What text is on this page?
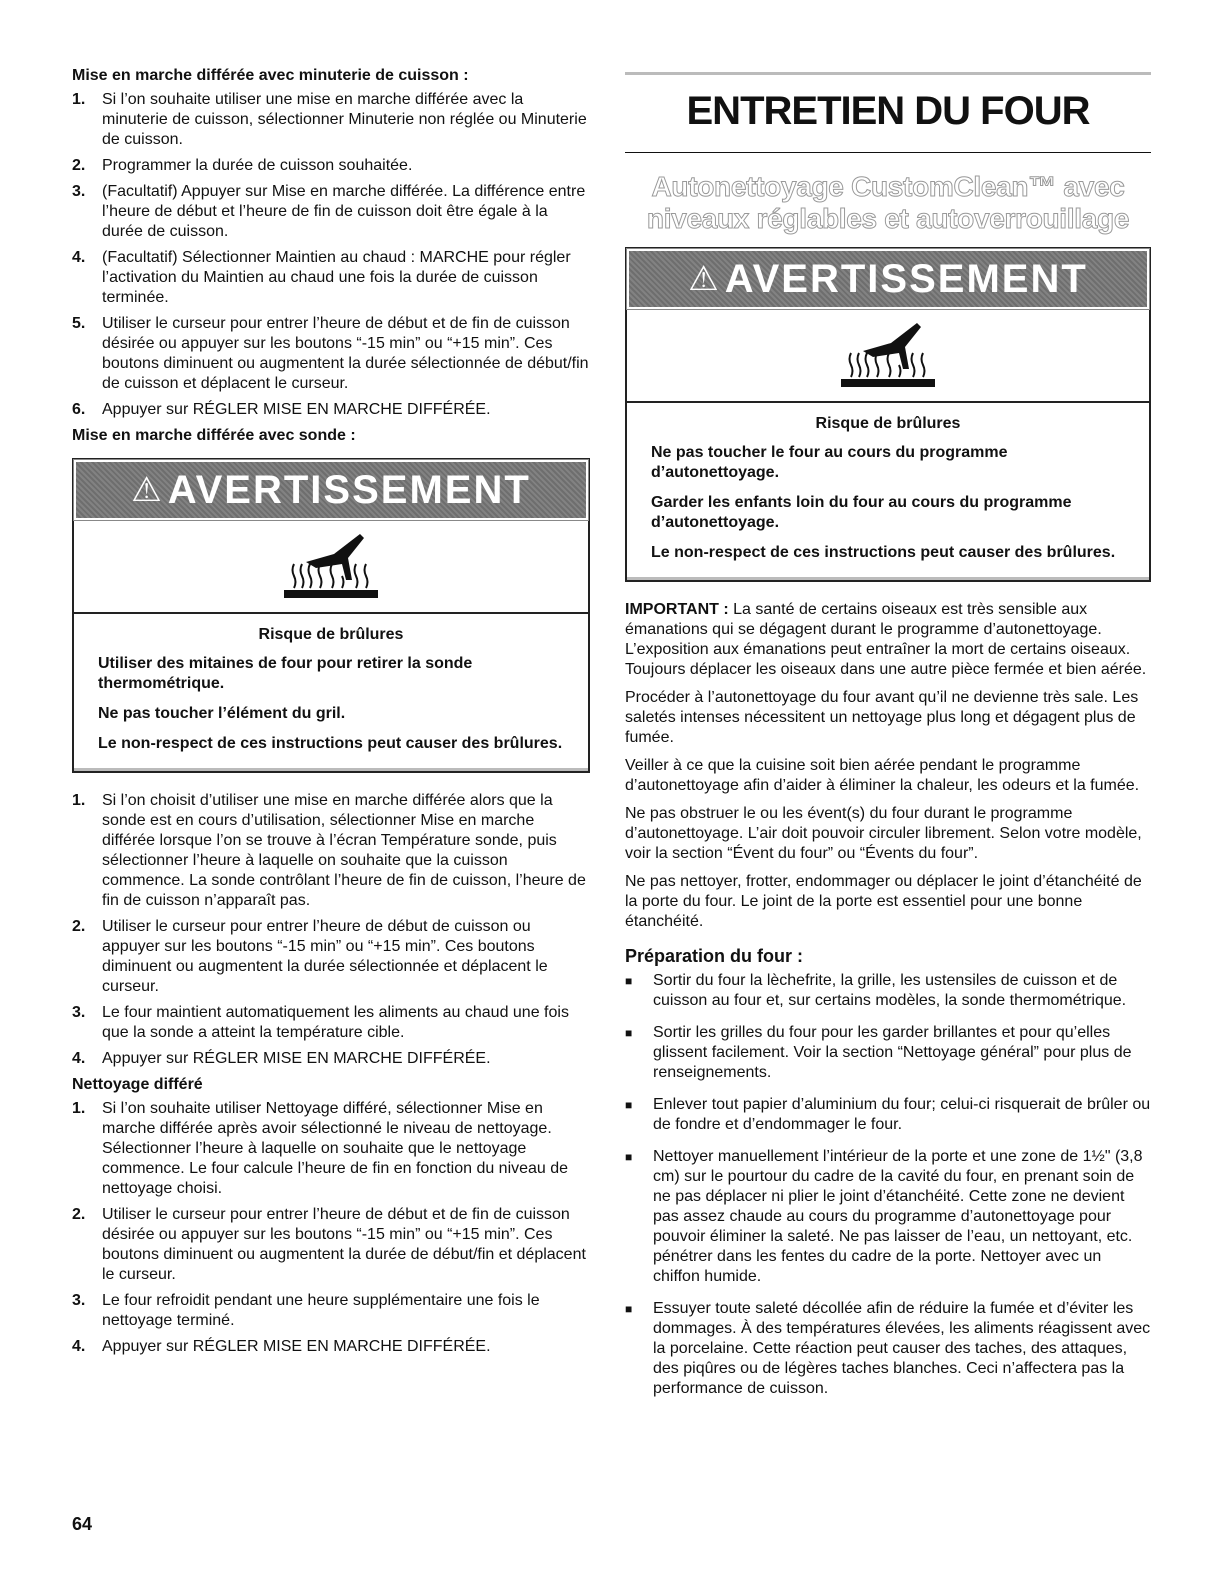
Mise en marche différée avec minuterie de cuisson :
1.	Si l’on souhaite utiliser une mise en marche différée avec la minuterie de cuisson, sélectionner Minuterie non réglée ou Minuterie de cuisson.
2.	Programmer la durée de cuisson souhaitée.
3.	(Facultatif) Appuyer sur Mise en marche différée. La différence entre l’heure de début et l’heure de fin de cuisson doit être égale à la durée de cuisson.
4.	(Facultatif) Sélectionner Maintien au chaud : MARCHE pour régler l’activation du Maintien au chaud une fois la durée de cuisson terminée.
5.	Utiliser le curseur pour entrer l’heure de début et de fin de cuisson désirée ou appuyer sur les boutons “-15 min” ou “+15 min”. Ces boutons diminuent ou augmentent la durée sélectionnée de début/fin de cuisson et déplacent le curseur.
6.	Appuyer sur RÉGLER MISE EN MARCHE DIFFÉRÉE.
Mise en marche différée avec sonde :
⚠ AVERTISSEMENT
Risque de brûlures

Utiliser des mitaines de four pour retirer la sonde thermométrique.

Ne pas toucher l’élément du gril.

Le non-respect de ces instructions peut causer des brûlures.

1.	Si l’on choisit d’utiliser une mise en marche différée alors que la sonde est en cours d’utilisation, sélectionner Mise en marche différée lorsque l’on se trouve à l’écran Température sonde, puis sélectionner l’heure à laquelle on souhaite que la cuisson commence. La sonde contrôlant l’heure de fin de cuisson, l’heure de fin de cuisson n’apparaît pas.
2.	Utiliser le curseur pour entrer l’heure de début de cuisson ou appuyer sur les boutons “-15 min” ou “+15 min”. Ces boutons diminuent ou augmentent la durée sélectionnée et déplacent le curseur.
3.	Le four maintient automatiquement les aliments au chaud une fois que la sonde a atteint la température cible.
4.	Appuyer sur RÉGLER MISE EN MARCHE DIFFÉRÉE.
Nettoyage différé
1.	Si l’on souhaite utiliser Nettoyage différé, sélectionner Mise en marche différée après avoir sélectionné le niveau de nettoyage. Sélectionner l’heure à laquelle on souhaite que le nettoyage commence. Le four calcule l’heure de fin en fonction du niveau de nettoyage choisi.
2.	Utiliser le curseur pour entrer l’heure de début et de fin de cuisson désirée ou appuyer sur les boutons “-15 min” ou “+15 min”. Ces boutons diminuent ou augmentent la durée de début/fin et déplacent le curseur.
3.	Le four refroidit pendant une heure supplémentaire une fois le nettoyage terminé.
4.	Appuyer sur RÉGLER MISE EN MARCHE DIFFÉRÉE.
ENTRETIEN DU FOUR
Autonettoyage CustomClean™ avec niveaux réglables et autoverrouillage
⚠ AVERTISSEMENT
Risque de brûlures

Ne pas toucher le four au cours du programme d’autonettoyage.

Garder les enfants loin du four au cours du programme d’autonettoyage.

Le non-respect de ces instructions peut causer des brûlures.

IMPORTANT : La santé de certains oiseaux est très sensible aux émanations qui se dégagent durant le programme d’autonettoyage. L’exposition aux émanations peut entraîner la mort de certains oiseaux. Toujours déplacer les oiseaux dans une autre pièce fermée et bien aérée.

Procéder à l’autonettoyage du four avant qu’il ne devienne très sale. Les saletés intenses nécessitent un nettoyage plus long et dégagent plus de fumée.

Veiller à ce que la cuisine soit bien aérée pendant le programme d’autonettoyage afin d’aider à éliminer la chaleur, les odeurs et la fumée.

Ne pas obstruer le ou les évent(s) du four durant le programme d’autonettoyage. L’air doit pouvoir circuler librement. Selon votre modèle, voir la section “Évent du four” ou “Évents du four”.

Ne pas nettoyer, frotter, endommager ou déplacer le joint d’étanchéité de la porte du four. Le joint de la porte est essentiel pour une bonne étanchéité.

Préparation du four :
■	Sortir du four la lèchefrite, la grille, les ustensiles de cuisson et de cuisson au four et, sur certains modèles, la sonde thermométrique.
■	Sortir les grilles du four pour les garder brillantes et pour qu’elles glissent facilement. Voir la section “Nettoyage général” pour plus de renseignements.
■	Enlever tout papier d’aluminium du four; celui-ci risquerait de brûler ou de fondre et d’endommager le four.
■	Nettoyer manuellement l’intérieur de la porte et une zone de 1½" (3,8 cm) sur le pourtour du cadre de la cavité du four, en prenant soin de ne pas déplacer ni plier le joint d’étanchéité. Cette zone ne devient pas assez chaude au cours du programme d’autonettoyage pour pouvoir éliminer la saleté. Ne pas laisser de l’eau, un nettoyant, etc. pénétrer dans les fentes du cadre de la porte. Nettoyer avec un chiffon humide.
■	Essuyer toute saleté décollée afin de réduire la fumée et d’éviter les dommages. À des températures élevées, les aliments réagissent avec la porcelaine. Cette réaction peut causer des taches, des attaques, des piqûres ou de légères taches blanches. Ceci n’affectera pas la performance de cuisson.
64
